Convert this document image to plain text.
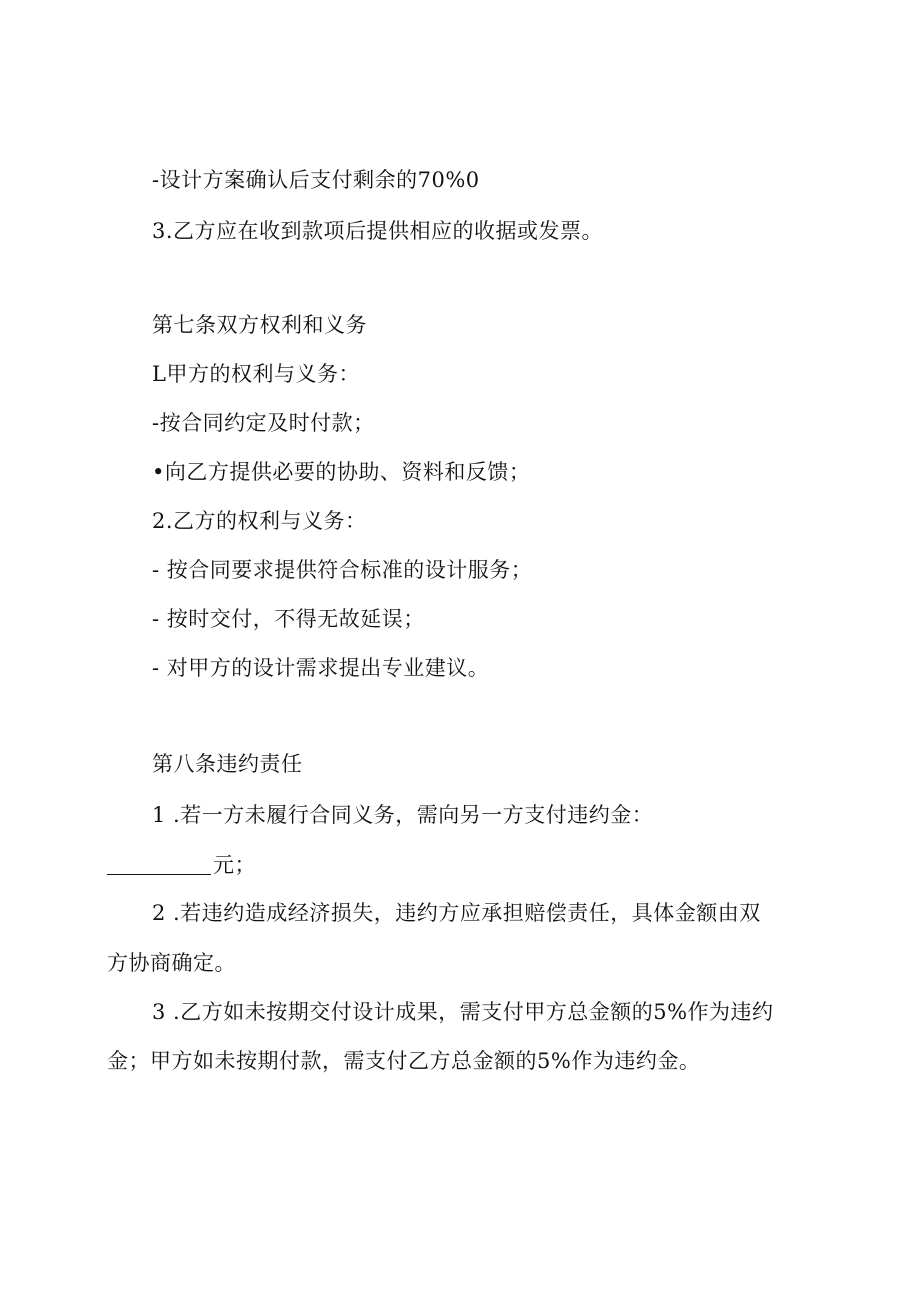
-设计方案确认后支付剩余的70%0
3.乙方应在收到款项后提供相应的收据或发票。
第七条双方权利和义务
L甲方的权利与义务：
-按合同约定及时付款；
•向乙方提供必要的协助、资料和反馈；
2.乙方的权利与义务：
- 按合同要求提供符合标准的设计服务；
- 按时交付，不得无故延误；
- 对甲方的设计需求提出专业建议。
第八条违约责任
1 .若一方未履行合同义务，需向另一方支付违约金：
元；
2 .若违约造成经济损失，违约方应承担赔偿责任，具体金额由双
方协商确定。
3 .乙方如未按期交付设计成果，需支付甲方总金额的5%作为违约
金；甲方如未按期付款，需支付乙方总金额的5%作为违约金。
